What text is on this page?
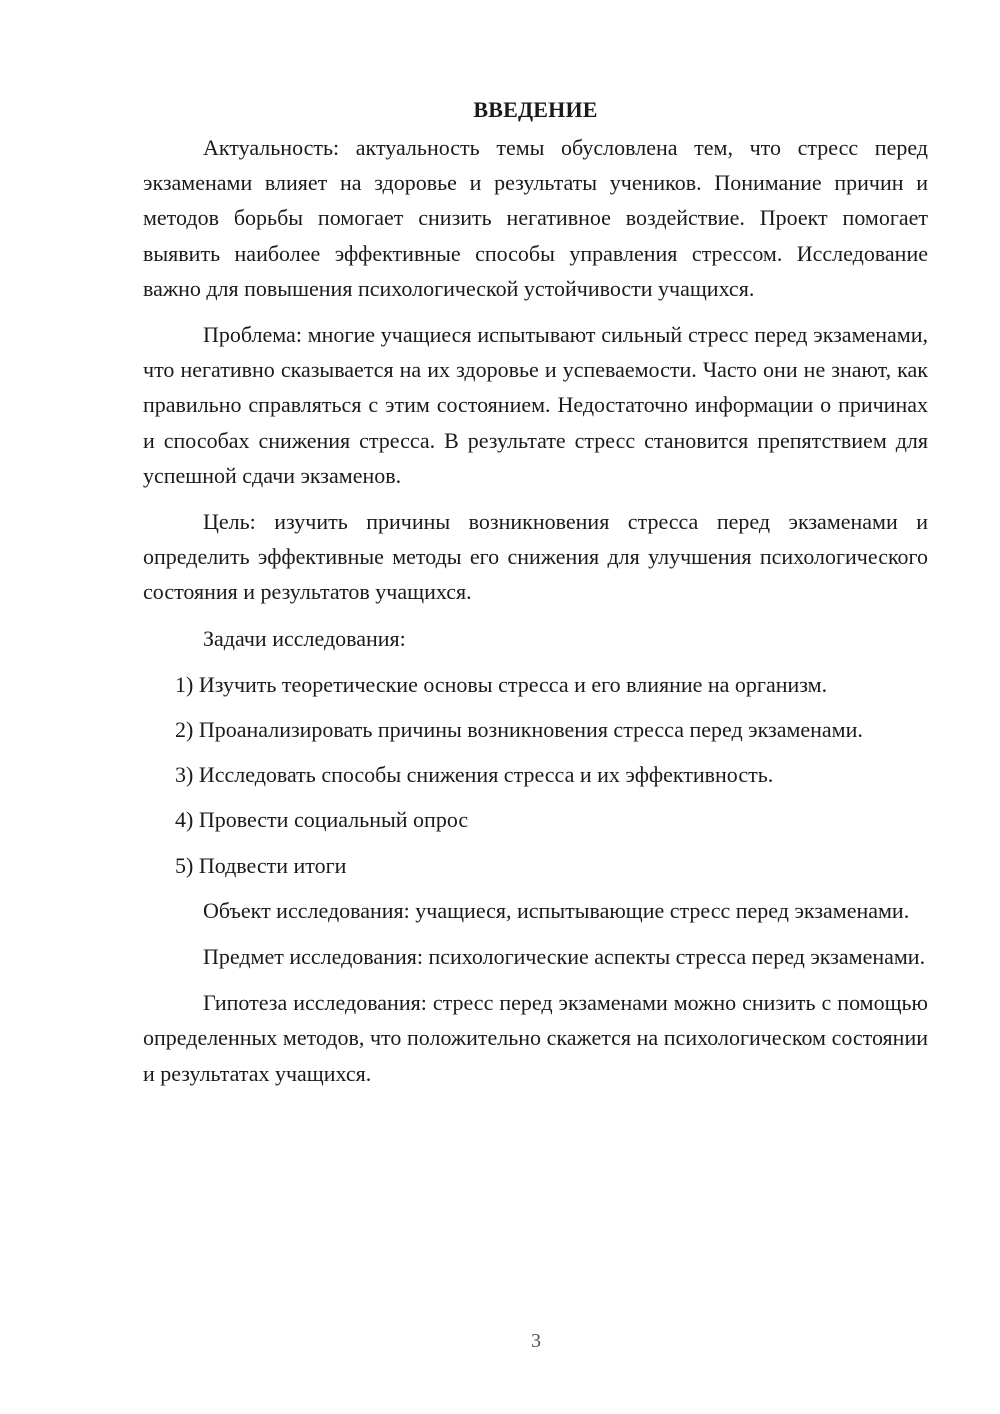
ВВЕДЕНИЕ

Актуальность: актуальность темы обусловлена тем, что стресс перед экзаменами влияет на здоровье и результаты учеников. Понимание причин и методов борьбы помогает снизить негативное воздействие. Проект помогает выявить наиболее эффективные способы управления стрессом. Исследование важно для повышения психологической устойчивости учащихся.

Проблема: многие учащиеся испытывают сильный стресс перед экзаменами, что негативно сказывается на их здоровье и успеваемости. Часто они не знают, как правильно справляться с этим состоянием. Недостаточно информации о причинах и способах снижения стресса. В результате стресс становится препятствием для успешной сдачи экзаменов.

Цель: изучить причины возникновения стресса перед экзаменами и определить эффективные методы его снижения для улучшения психологического состояния и результатов учащихся.

Задачи исследования:

1) Изучить теоретические основы стресса и его влияние на организм.

2) Проанализировать причины возникновения стресса перед экзаменами.

3) Исследовать способы снижения стресса и их эффективность.

4) Провести социальный опрос

5) Подвести итоги

Объект исследования: учащиеся, испытывающие стресс перед экзаменами.

Предмет исследования: психологические аспекты стресса перед экзаменами.

Гипотеза исследования: стресс перед экзаменами можно снизить с помощью определенных методов, что положительно скажется на психологическом состоянии и результатах учащихся.

3
